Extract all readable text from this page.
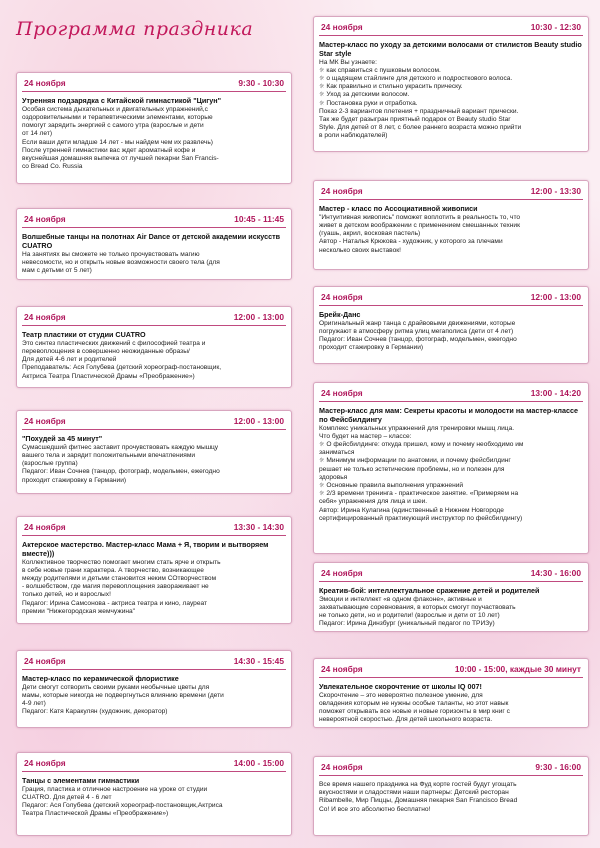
Программа праздника
24 ноября	9:30 - 10:30
Утренняя подзарядка с Китайской гимнастикой "Цигун"
Особая система дыхательных и двигательных упражнений,с
оздоровительными и терапевтическими элементами, которые
помогут зарядить энергией с самого утра (взрослые и дети
от 14 лет)
Если ваши дети младше 14 лет - мы найдем чем их развлечь)
После утренней гимнастики вас ждет ароматный кофе и
вкуснейшая домашняя выпечка от лучшей пекарни San Francis-
co Bread Co. Russia
24 ноября	10:45 - 11:45
Волшебные танцы на полотнах Air Dance от детской академии искусств CUATRO
На занятиях вы сможете не только прочувствовать магию
невесомости, но и открыть новые возможности своего тела (для
мам с детьми от 5 лет)
24 ноября	12:00 - 13:00
Театр пластики от студии CUATRO
Это синтез пластических движений с философией театра и
перевоплощения в совершенно неожиданные образы/
Для детей 4-6 лет и родителей
Преподаватель: Ася Голубева (детский хореограф-постановщик,
Актриса Театра Пластической Драмы «Преображение»)
24 ноября	12:00 - 13:00
"Похудей за 45 минут"
Сумасшедший фитнес заставит прочувствовать каждую мышцу
вашего тела и зарядит положительными впечатлениями
(взрослые группа)
Педагог: Иван Сочнев (танцор, фотограф, модельмен, ежегодно
проходит стажировку в Германии)
24 ноября	13:30 - 14:30
Актерское мастерство. Мастер-класс Мама + Я, творим и вытворяем вместе)))
Коллективное творчество помогает многим стать ярче и открыть
в себе новые грани характера. А творчество, возникающее
между родителями и детьми становится неким СОтворчеством
- волшебством, где магия перевоплощения завораживает не
только детей, но и взрослых!
Педагог: Ирина Самсонова - актриса театра и кино, лауреат
премии "Нижегородская жемчужина"
24 ноября	14:30 - 15:45
Мастер-класс по керамической флористике
Дети смогут сотворить своими руками необычные цветы для
мамы, которые никогда не подвергнуться влиянию времени (дети
4-9 лет)
Педагог: Катя Каракулян (художник, декоратор)
24 ноября	14:00 - 15:00
Танцы с элементами гимнастики
Грация, пластика и отличное настроение на уроке от студии
CUATRO. Для детей 4 - 6 лет
Педагог: Ася Голубева (детский хореограф-постановщик,Актриса
Театра Пластической Драмы «Преображение»)
24 ноября	10:30 - 12:30
Мастер-класс по уходу за детскими волосами от стилистов Beauty studio Star style
На МК Вы узнаете:
☼ как справиться с пушковым волосом.
☼ о щадящем стайлинге для детского и подросткового волоса.
☼ Как правильно и стильно украсить прическу.
☼ Уход за детскими волосом.
☼ Постановка руки и отработка.
Показ 2-3 вариантов плетения + праздничный вариант прически.
Так же будет разыгран приятный подарок от Beauty studio Star
Style. Для детей от 8 лет, с более раннего возраста можно прийти
в роли наблюдателей)
24 ноября	12:00 - 13:30
Мастер - класс по Ассоциативной живописи
"Интуитивная живопись" поможет воплотить в реальность то, что
живет в детском воображении с применением смешанных техник
(гуашь, акрил, восковая пастель)
Автор - Наталья Крюкова - художник, у которого за плечами
несколько своих выставок!
24 ноября	12:00 - 13:00
Брейк-Данс
Оригинальный жанр танца с драйвовыми движениями, которые
погружают в атмосферу ритма улиц мегаполиса (дети от 4 лет)
Педагог: Иван Сочнев (танцор, фотограф, модельмен, ежегодно
проходит стажировку в Германии)
24 ноября	13:00 - 14:20
Мастер-класс для мам: Секреты красоты и молодости на мастер-классе по Фейсбилдингу
Комплекс уникальных упражнений для тренировки мышц лица.
Что будет на мастер – классе:
☼ О фейсбилдинге: откуда пришел, кому и почему необходимо им
заниматься
☼ Минимум информации по анатомии, и почему фейсбилдинг
решает не только эстетические проблемы, но и полезен для
здоровья
☼ Основные правила выполнения упражнений
☼ 2/3 времени тренинга - практическое занятие. «Примеряем на
себя» упражнения для лица и шеи.
Автор: Ирина Кулагина (единственный в Нижнем Новгороде
сертифицированный практикующий инструктор по фейсбилдингу)
24 ноября	14:30 - 16:00
Креатив-бой: интеллектуальное сражение детей и родителей
Эмоции и интеллект «в одном флаконе», активные и
захватывающие соревнования, в которых смогут поучаствовать
не только дети, но и родители! (взрослые и дети от 10 лет)
Педагог: Ирина Динзбург (уникальный педагог по ТРИЗу)
24 ноября	10:00 - 15:00, каждые 30 минут
Увлекательное скорочтение от школы IQ 007!
Скорочтение – это невероятно полезное умение, для
овладения которым не нужны особые таланты, но этот навык
поможет открывать все новые и новые горизонты в мир книг с
невероятной скоростью. Для детей школьного возраста.
24 ноября	9:30 - 16:00
Все время нашего праздника на Фуд корте гостей будут угощать
вкусностями и сладостями наши партнеры: Детский ресторан
Ribambelle, Мир Пиццы, Домашняя пекарня San Francisco Bread
Co! И все это абсолютно бесплатно!
